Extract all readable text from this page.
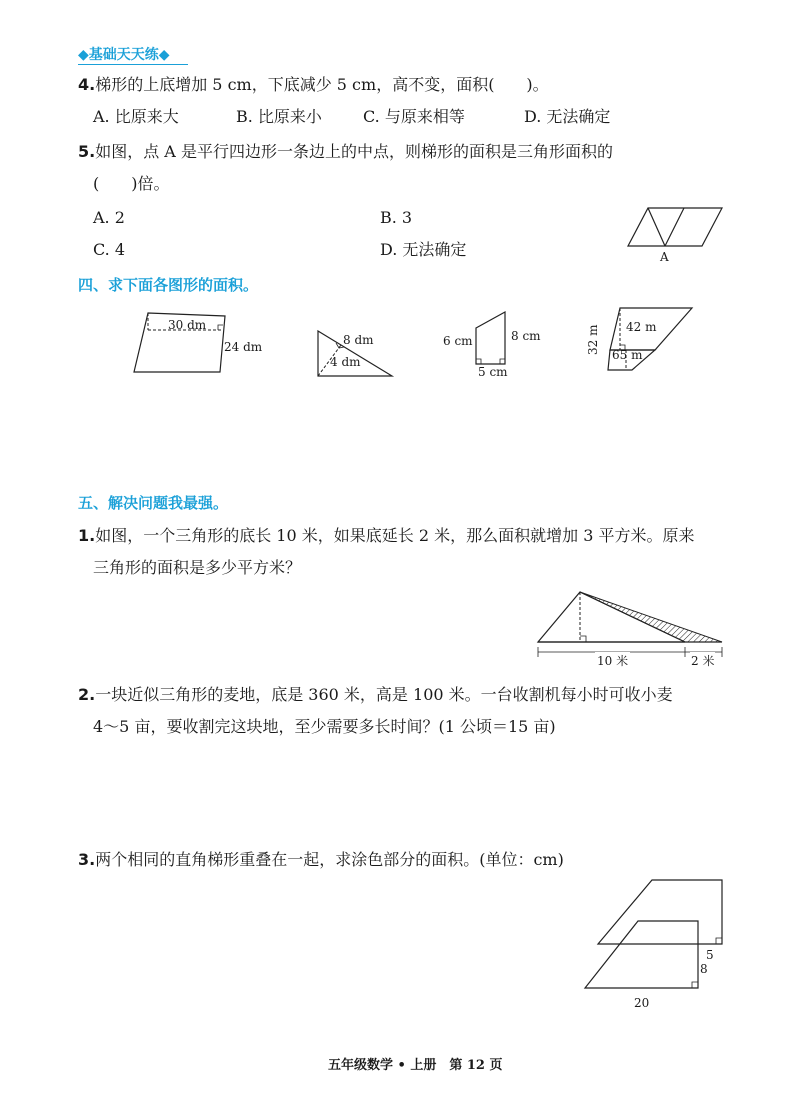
◆基础天天练◆
4.梯形的上底增加 5 cm，下底减少 5 cm，高不变，面积(　　)。
A. 比原来大	B. 比原来小	C. 与原来相等	D. 无法确定
5.如图，点 A 是平行四边形一条边上的中点，则梯形的面积是三角形面积的
(　　)倍。
A. 2	B. 3
C. 4	D. 无法确定	A
四、求下面各图形的面积。
30 dm
24 dm	8 dm
4 dm
6 cm	8 cm
5 cm
42 m
65 m
32 m
五、解决问题我最强。
1.如图，一个三角形的底长 10 米，如果底延长 2 米，那么面积就增加 3 平方米。原来
三角形的面积是多少平方米？
10 米	2 米
2.一块近似三角形的麦地，底是 360 米，高是 100 米。一台收割机每小时可收小麦
4～5 亩，要收割完这块地，至少需要多长时间？(1 公顷＝15 亩)
3.两个相同的直角梯形重叠在一起，求涂色部分的面积。(单位：cm)
5
8
20
五年级数学 • 上册　第 12 页
